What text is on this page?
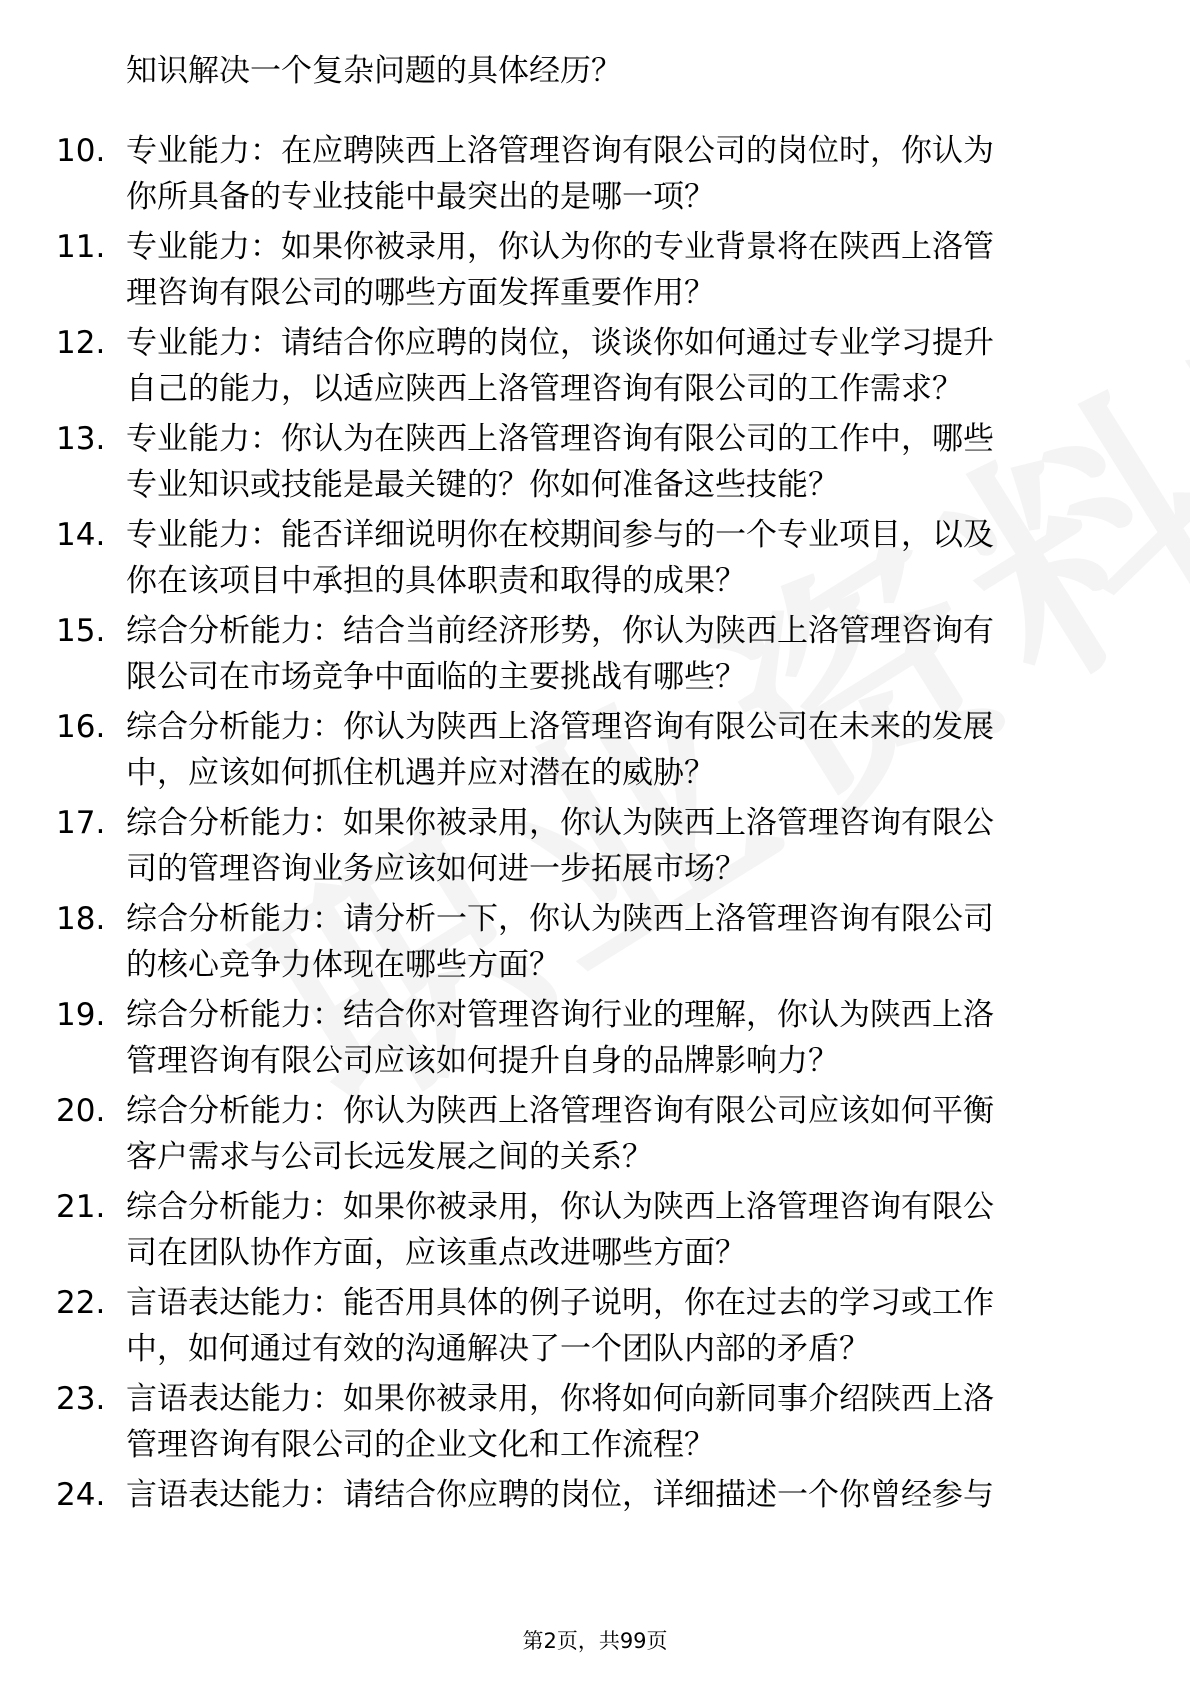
知识解决一个复杂问题的具体经历？
10. 专业能力：在应聘陕西上洛管理咨询有限公司的岗位时，你认为
你所具备的专业技能中最突出的是哪一项？
11. 专业能力：如果你被录用，你认为你的专业背景将在陕西上洛管
理咨询有限公司的哪些方面发挥重要作用？
12. 专业能力：请结合你应聘的岗位，谈谈你如何通过专业学习提升
自己的能力，以适应陕西上洛管理咨询有限公司的工作需求？
13. 专业能力：你认为在陕西上洛管理咨询有限公司的工作中，哪些
专业知识或技能是最关键的？你如何准备这些技能？
14. 专业能力：能否详细说明你在校期间参与的一个专业项目，以及
你在该项目中承担的具体职责和取得的成果？
15. 综合分析能力：结合当前经济形势，你认为陕西上洛管理咨询有
限公司在市场竞争中面临的主要挑战有哪些？
16. 综合分析能力：你认为陕西上洛管理咨询有限公司在未来的发展
中，应该如何抓住机遇并应对潜在的威胁？
17. 综合分析能力：如果你被录用，你认为陕西上洛管理咨询有限公
司的管理咨询业务应该如何进一步拓展市场？
18. 综合分析能力：请分析一下，你认为陕西上洛管理咨询有限公司
的核心竞争力体现在哪些方面？
19. 综合分析能力：结合你对管理咨询行业的理解，你认为陕西上洛
管理咨询有限公司应该如何提升自身的品牌影响力？
20. 综合分析能力：你认为陕西上洛管理咨询有限公司应该如何平衡
客户需求与公司长远发展之间的关系？
21. 综合分析能力：如果你被录用，你认为陕西上洛管理咨询有限公
司在团队协作方面，应该重点改进哪些方面？
22. 言语表达能力：能否用具体的例子说明，你在过去的学习或工作
中，如何通过有效的沟通解决了一个团队内部的矛盾？
23. 言语表达能力：如果你被录用，你将如何向新同事介绍陕西上洛
管理咨询有限公司的企业文化和工作流程？
24. 言语表达能力：请结合你应聘的岗位，详细描述一个你曾经参与
第2页，共99页
